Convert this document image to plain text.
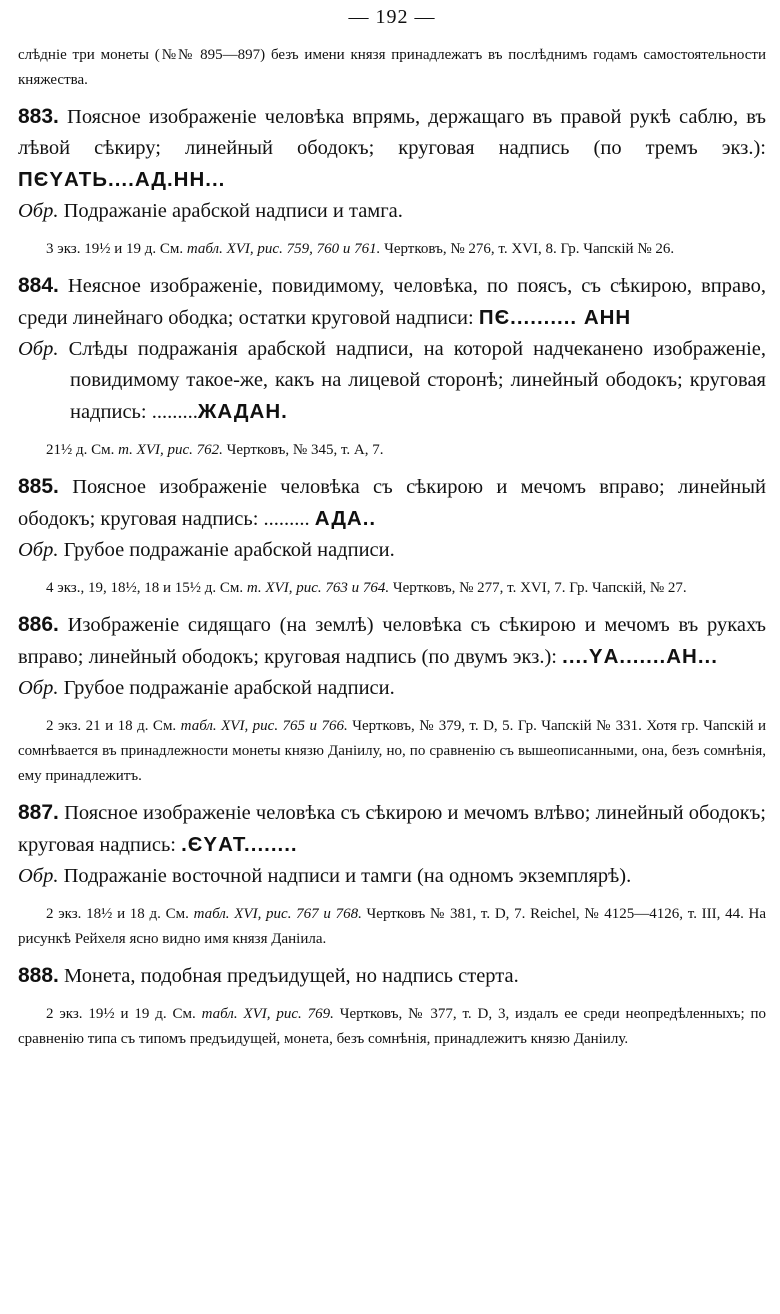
— 192 —
слѣдніе три монеты (№№ 895—897) безъ имени князя принадлежатъ въ послѣднимъ годамъ самостоятельности княжества.
883. Поясное изображеніе человѣка впрямь, держащаго въ правой рукѣ саблю, въ лѣвой сѣкиру; линейный ободокъ; круговая надпись (по тремъ экз.): ПЄYАТЬ....АД.НН...
Обр. Подражаніе арабской надписи и тамга.
3 экз. 19½ и 19 д. См. табл. XVI, рис. 759, 760 и 761. Чертковъ, № 276, т. XVI, 8. Гр. Чапскій № 26.
884. Неясное изображеніе, повидимому, человѣка, по поясъ, съ сѣкирою, вправо, среди линейнаго ободка; остатки круговой надписи: ПЄ.......... АНН
Обр. Слѣды подражанія арабской надписи, на которой надчеканено изображеніе, повидимому такое-же, какъ на лицевой сторонѣ; линейный ободокъ; круговая надпись: .........ЖАДАН.
21½ д. См. т. XVI, рис. 762. Чертковъ, № 345, т. А, 7.
885. Поясное изображеніе человѣка съ сѣкирою и мечомъ вправо; линейный ободокъ; круговая надпись: ......... АДА..
Обр. Грубое подражаніе арабской надписи.
4 экз., 19, 18½, 18 и 15½ д. См. т. XVI, рис. 763 и 764. Чертковъ, № 277, т. XVI, 7. Гр. Чапскій, № 27.
886. Изображеніе сидящаго (на землѣ) человѣка съ сѣкирою и мечомъ въ рукахъ вправо; линейный ободокъ; круговая надпись (по двумъ экз.): ....YА.......АН...
Обр. Грубое подражаніе арабской надписи.
2 экз. 21 и 18 д. См. табл. XVI, рис. 765 и 766. Чертковъ, № 379, т. D, 5. Гр. Чапскій № 331. Хотя гр. Чапскій и сомнѣвается въ принадлежности монеты князю Даніилу, но, по сравненію съ вышеописанными, она, безъ сомнѣнія, ему принадлежитъ.
887. Поясное изображеніе человѣка съ сѣкирою и мечомъ влѣво; линейный ободокъ; круговая надпись: .ЄYАТ........
Обр. Подражаніе восточной надписи и тамги (на одномъ экземплярѣ).
2 экз. 18½ и 18 д. См. табл. XVI, рис. 767 и 768. Чертковъ № 381, т. D, 7. Reichel, № 4125—4126, т. III, 44. На рисункѣ Рейхеля ясно видно имя князя Даніила.
888. Монета, подобная предъидущей, но надпись стерта.
2 экз. 19½ и 19 д. См. табл. XVI, рис. 769. Чертковъ, № 377, т. D, 3, издалъ ее среди неопредѣленныхъ; по сравненію типа съ типомъ предъидущей, монета, безъ сомнѣнія, принадлежитъ князю Даніилу.
